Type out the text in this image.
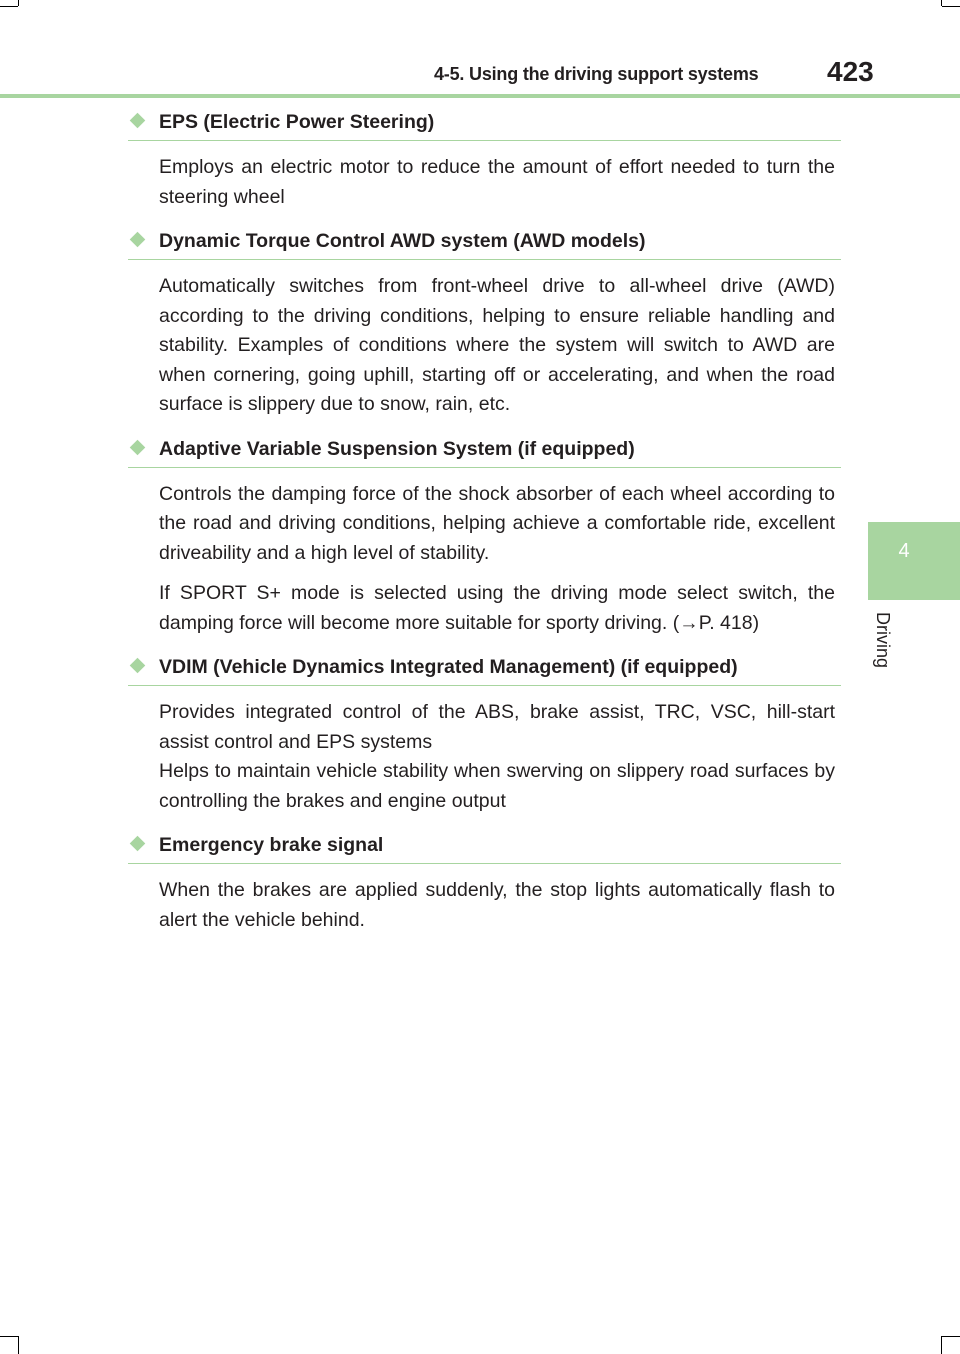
4-5. Using the driving support systems 423
4
Driving
EPS (Electric Power Steering)

Employs an electric motor to reduce the amount of effort needed to turn the steering wheel

Dynamic Torque Control AWD system (AWD models)

Automatically switches from front-wheel drive to all-wheel drive (AWD) according to the driving conditions, helping to ensure reliable handling and stability. Examples of conditions where the system will switch to AWD are when cornering, going uphill, starting off or accelerating, and when the road surface is slippery due to snow, rain, etc.

Adaptive Variable Suspension System (if equipped)

Controls the damping force of the shock absorber of each wheel according to the road and driving conditions, helping achieve a comfortable ride, excellent driveability and a high level of stability.

If SPORT S+ mode is selected using the driving mode select switch, the damping force will become more suitable for sporty driving. (→P. 418)

VDIM (Vehicle Dynamics Integrated Management) (if equipped)

Provides integrated control of the ABS, brake assist, TRC, VSC, hill-start assist control and EPS systems

Helps to maintain vehicle stability when swerving on slippery road surfaces by controlling the brakes and engine output

Emergency brake signal

When the brakes are applied suddenly, the stop lights automatically flash to alert the vehicle behind.
